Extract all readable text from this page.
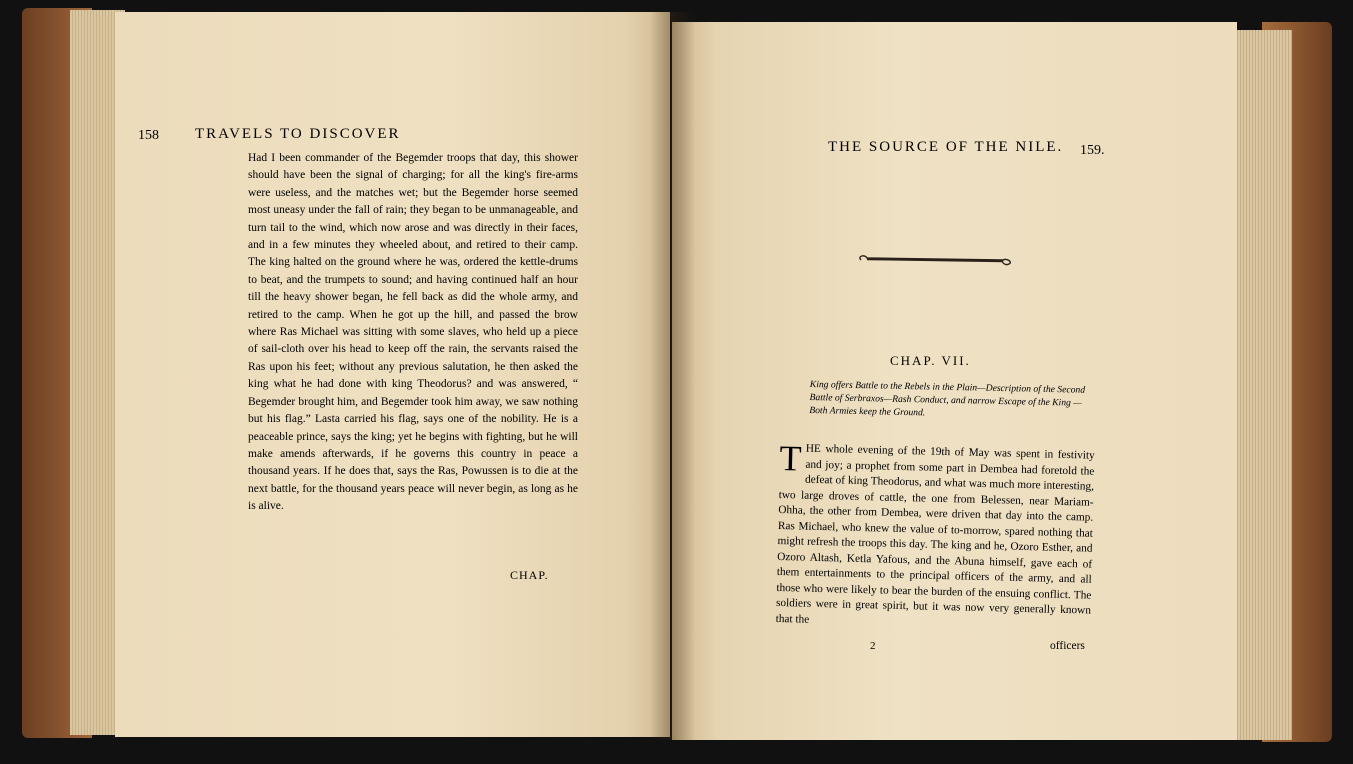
158 TRAVELS TO DISCOVER

Had I been commander of the Begemder troops that day, this shower should have been the signal of charging; for all the king's fire-arms were useless, and the matches wet; but the Begemder horse seemed most uneasy under the fall of rain; they began to be unmanageable, and turn tail to the wind, which now arose and was directly in their faces, and in a few minutes they wheeled about, and retired to their camp. The king halted on the ground where he was, ordered the kettle-drums to beat, and the trumpets to sound; and having continued half an hour till the heavy shower began, he fell back as did the whole army, and retired to the camp. When he got up the hill, and passed the brow where Ras Michael was sitting with some slaves, who held up a piece of sail-cloth over his head to keep off the rain, the servants raised the Ras upon his feet; without any previous salutation, he then asked the king what he had done with king Theodorus? and was answered, “ Begemder brought him, and Begemder took him away, we saw nothing but his flag.” Lasta carried his flag, says one of the nobility. He is a peaceable prince, says the king; yet he begins with fighting, but he will make amends afterwards, if he governs this country in peace a thousand years. If he does that, says the Ras, Powussen is to die at the next battle, for the thousand years peace will never begin, as long as he is alive.

CHAP.
THE SOURCE OF THE NILE. 159.
CHAP. VII.
King offers Battle to the Rebels in the Plain—Description of the Second Battle of Serbraxos—Rash Conduct, and narrow Escape of the King —Both Armies keep the Ground.
T HE whole evening of the 19th of May was spent in festivity and joy; a prophet from some part in Dembea had foretold the defeat of king Theodorus, and what was much more interesting, two large droves of cattle, the one from Belessen, near Mariam-Ohha, the other from Dembea, were driven that day into the camp. Ras Michael, who knew the value of to-morrow, spared nothing that might refresh the troops this day. The king and he, Ozoro Esther, and Ozoro Altash, Ketla Yafous, and the Abuna himself, gave each of them entertainments to the principal officers of the army, and all those who were likely to bear the burden of the ensuing conflict. The soldiers were in great spirit, but it was now very generally known that the

2	officers
